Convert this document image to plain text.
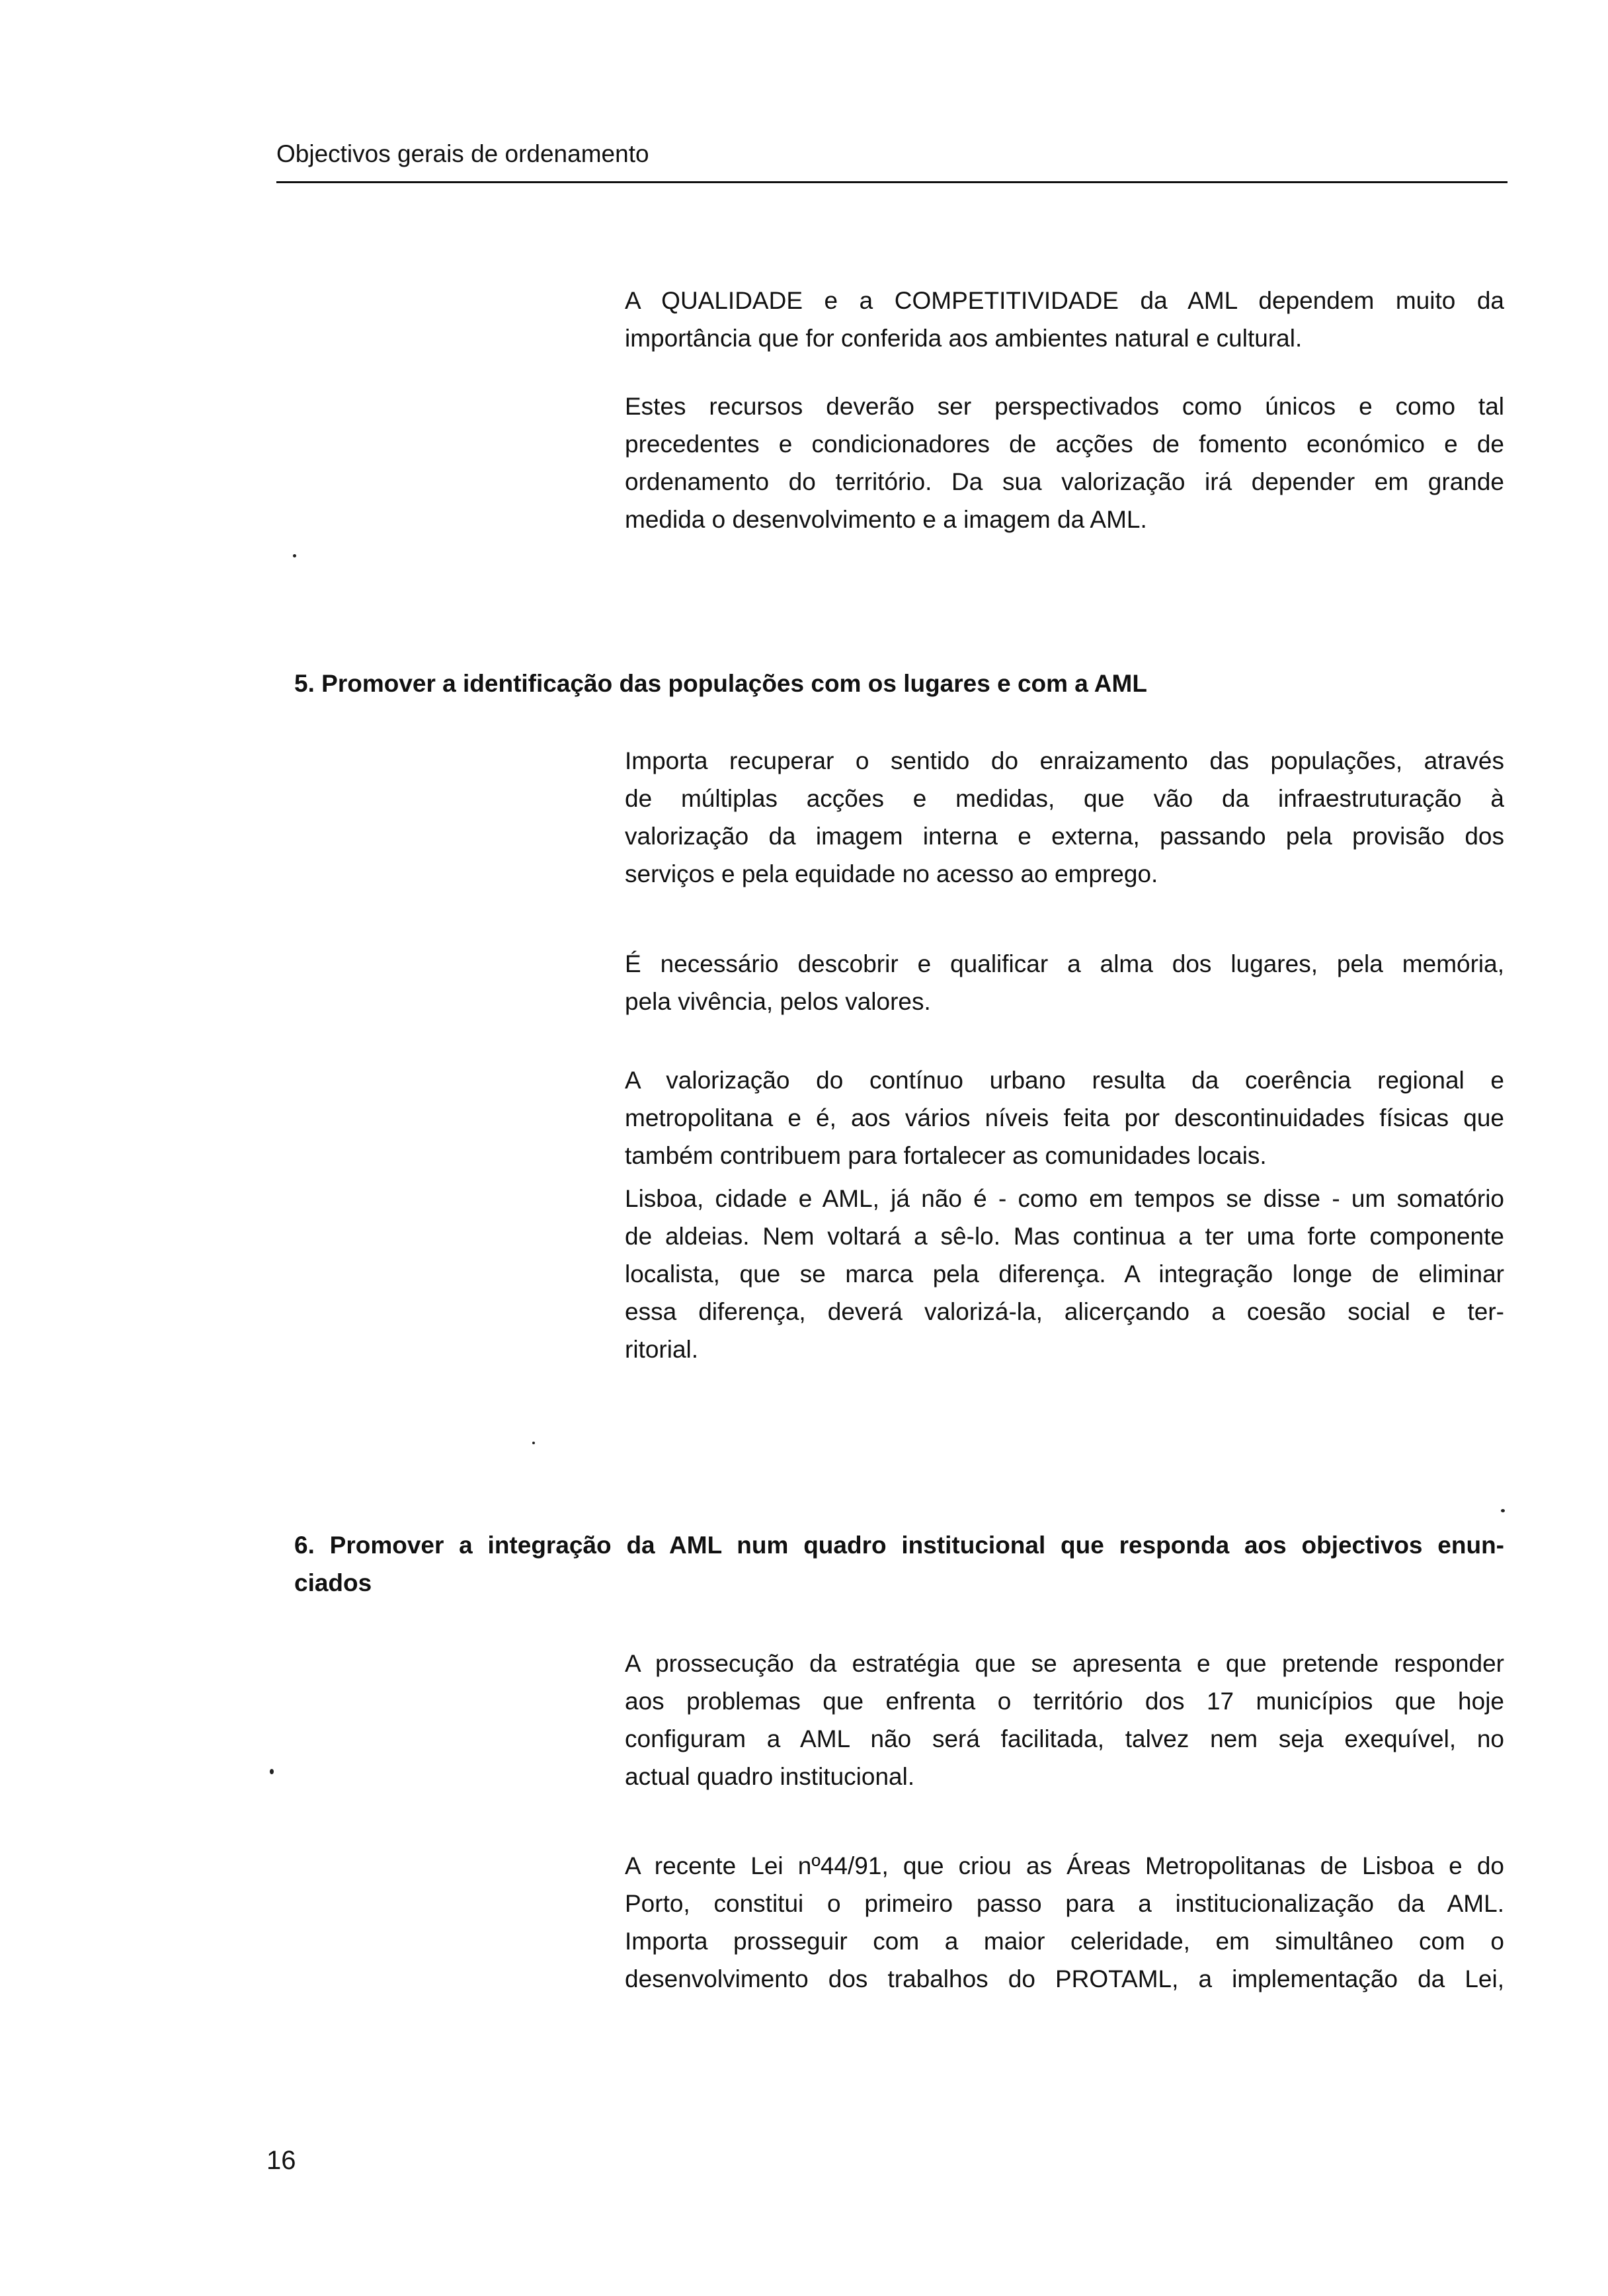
Objectivos gerais de ordenamento
A QUALIDADE e a COMPETITIVIDADE da AML dependem muito da
importância que for conferida aos ambientes natural e cultural.
Estes recursos deverão ser perspectivados como únicos e como tal
precedentes e condicionadores de acções de fomento económico e de
ordenamento do território. Da sua valorização irá depender em grande
medida o desenvolvimento e a imagem da AML.
5. Promover a identificação das populações com os lugares e com a AML
Importa recuperar o sentido do enraizamento das populações, através
de múltiplas acções e medidas, que vão da infraestruturação à
valorização da imagem interna e externa, passando pela provisão dos
serviços e pela equidade no acesso ao emprego.
É necessário descobrir e qualificar a alma dos lugares, pela memória,
pela vivência, pelos valores.
A valorização do contínuo urbano resulta da coerência regional e
metropolitana e é, aos vários níveis feita por descontinuidades físicas que
também contribuem para fortalecer as comunidades locais.
Lisboa, cidade e AML, já não é - como em tempos se disse - um somatório
de aldeias. Nem voltará a sê-lo. Mas continua a ter uma forte componente
localista, que se marca pela diferença. A integração longe de eliminar
essa diferença, deverá valorizá-la, alicerçando a coesão social e ter-
ritorial.
6. Promover a integração da AML num quadro institucional que responda aos objectivos enun-
ciados
A prossecução da estratégia que se apresenta e que pretende responder
aos problemas que enfrenta o território dos 17 municípios que hoje
configuram a AML não será facilitada, talvez nem seja exequível, no
actual quadro institucional.
A recente Lei nº44/91, que criou as Áreas Metropolitanas de Lisboa e do
Porto, constitui o primeiro passo para a institucionalização da AML.
Importa prosseguir com a maior celeridade, em simultâneo com o
desenvolvimento dos trabalhos do PROTAML, a implementação da Lei,
16
